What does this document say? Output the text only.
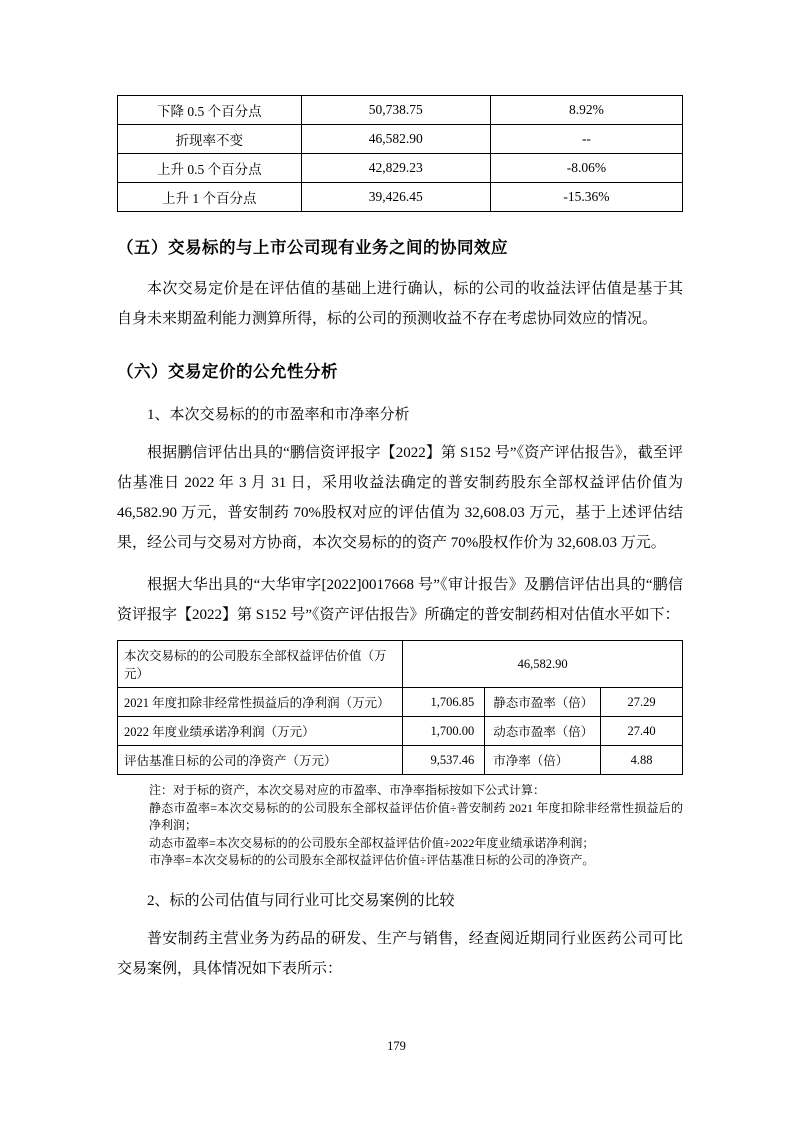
下降 0.5 个百分点	50,738.75	8.92%
折现率不变	46,582.90	--
上升 0.5 个百分点	42,829.23	-8.06%
上升 1 个百分点	39,426.45	-15.36%
（五）交易标的与上市公司现有业务之间的协同效应

本次交易定价是在评估值的基础上进行确认，标的公司的收益法评估值是基于其自身未来期盈利能力测算所得，标的公司的预测收益不存在考虑协同效应的情况。

（六）交易定价的公允性分析

1、本次交易标的的市盈率和市净率分析

根据鹏信评估出具的“鹏信资评报字【2022】第 S152 号”《资产评估报告》，截至评估基准日 2022 年 3 月 31 日，采用收益法确定的普安制药股东全部权益评估价值为 46,582.90 万元，普安制药 70%股权对应的评估值为 32,608.03 万元，基于上述评估结果，经公司与交易对方协商，本次交易标的的资产 70%股权作价为 32,608.03 万元。

根据大华出具的“大华审字[2022]0017668 号”《审计报告》及鹏信评估出具的“鹏信资评报字【2022】第 S152 号”《资产评估报告》所确定的普安制药相对估值水平如下：

本次交易标的的公司股东全部权益评估价值（万元）	46,582.90		
2021 年度扣除非经常性损益后的净利润（万元）	1,706.85	静态市盈率（倍）	27.29
2022 年度业绩承诺净利润（万元）	1,700.00	动态市盈率（倍）	27.40
评估基准日标的公司的净资产（万元）	9,537.46	市净率（倍）	4.88

注：对于标的资产，本次交易对应的市盈率、市净率指标按如下公式计算：

静态市盈率=本次交易标的的公司股东全部权益评估价值÷普安制药 2021 年度扣除非经常性损益后的净利润；

动态市盈率=本次交易标的的公司股东全部权益评估价值÷2022年度业绩承诺净利润；

市净率=本次交易标的的公司股东全部权益评估价值÷评估基准日标的公司的净资产。

2、标的公司估值与同行业可比交易案例的比较

普安制药主营业务为药品的研发、生产与销售，经查阅近期同行业医药公司可比交易案例，具体情况如下表所示：

179
